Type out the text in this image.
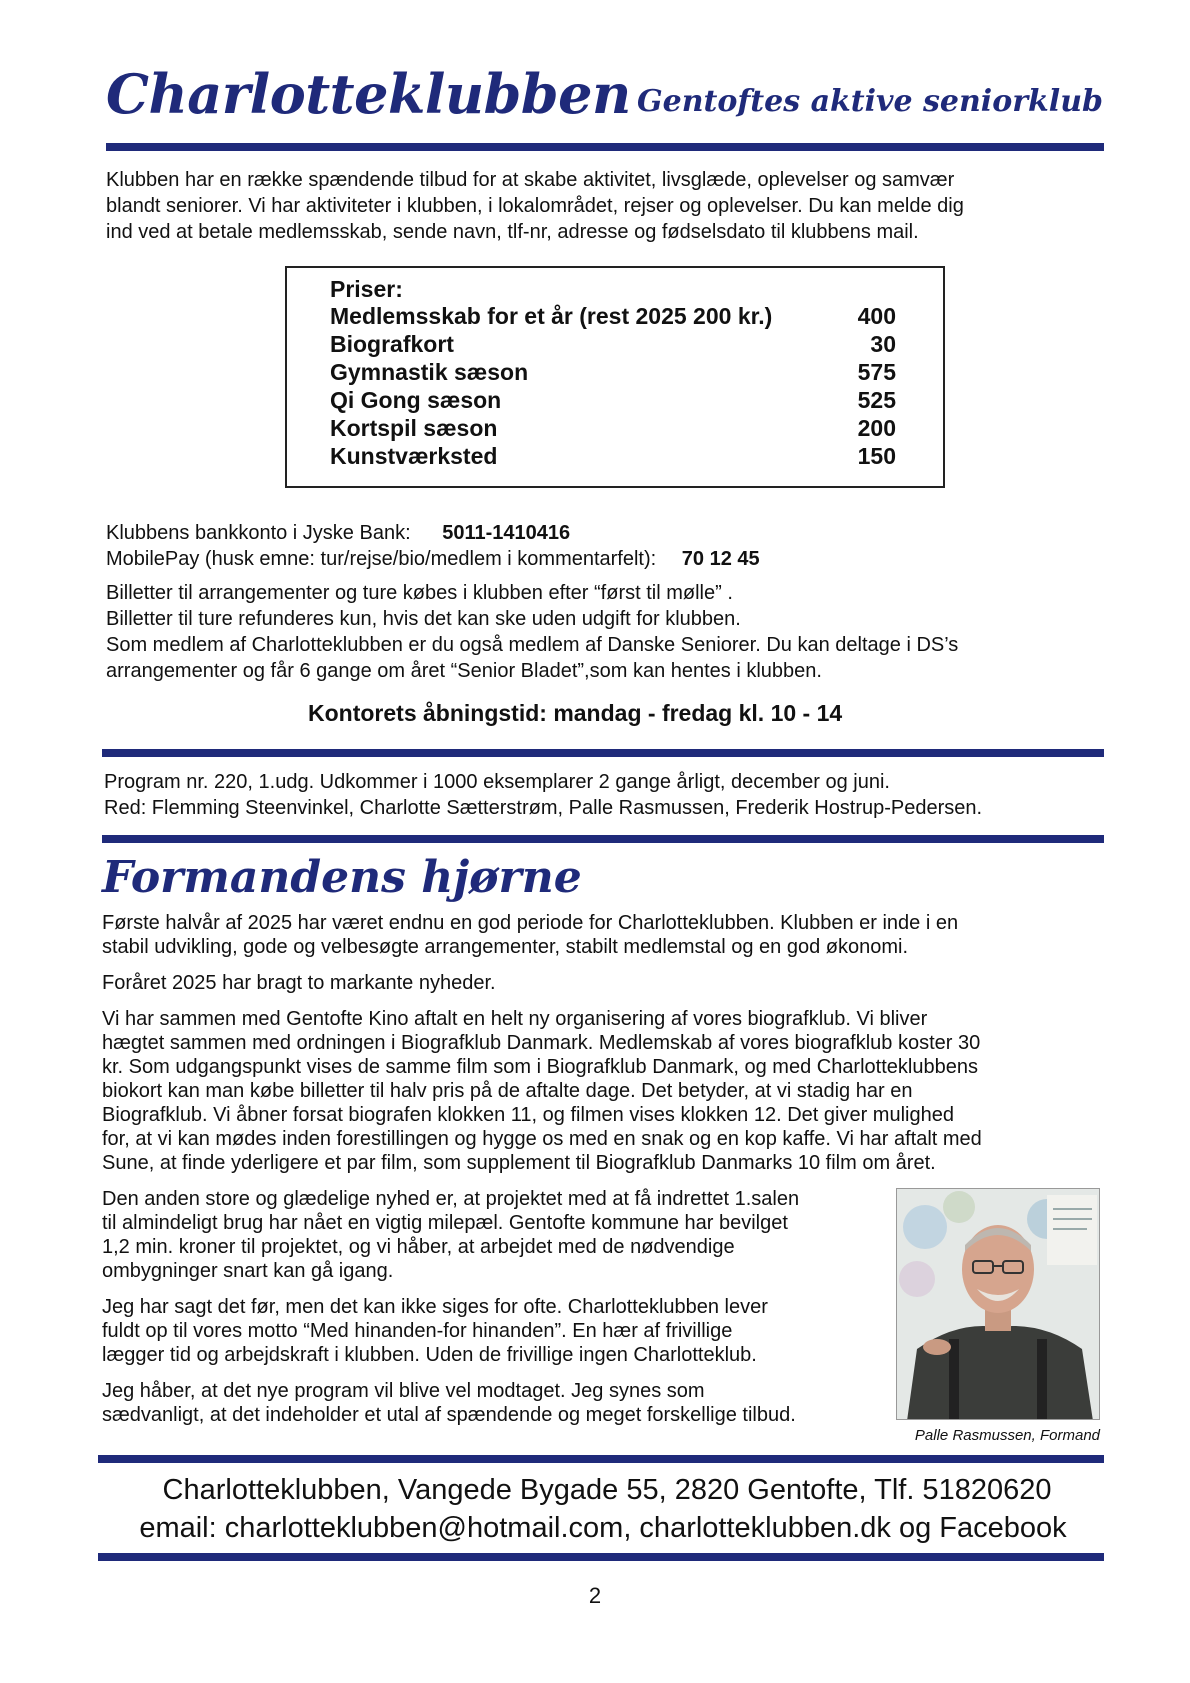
Charlotteklubben Gentoftes aktive seniorklub
Klubben har en række spændende tilbud for at skabe aktivitet, livsglæde, oplevelser og samvær
blandt seniorer. Vi har aktiviteter i klubben, i lokalområdet, rejser og oplevelser. Du kan melde dig
ind ved at betale medlemsskab, sende navn, tlf-nr, adresse og fødselsdato til klubbens mail.
Priser:
Medlemsskab for et år (rest 2025 200 kr.)	400
Biografkort	30
Gymnastik sæson	575
Qi Gong sæson	525
Kortspil sæson	200
Kunstværksted	150
Klubbens bankkonto i Jyske Bank: 5011-1410416
MobilePay (husk emne: tur/rejse/bio/medlem i kommentarfelt): 70 12 45
Billetter til arrangementer og ture købes i klubben efter “først til mølle” .
Billetter til ture refunderes kun, hvis det kan ske uden udgift for klubben.
Som medlem af Charlotteklubben er du også medlem af Danske Seniorer. Du kan deltage i DS’s
arrangementer og får 6 gange om året “Senior Bladet”,som kan hentes i klubben.
Kontorets åbningstid: mandag - fredag kl. 10 - 14
Program nr. 220, 1.udg. Udkommer i 1000 eksemplarer 2 gange årligt, december og juni.
Red: Flemming Steenvinkel, Charlotte Sætterstrøm, Palle Rasmussen, Frederik Hostrup-Pedersen.
Formandens hjørne
Første halvår af 2025 har været endnu en god periode for Charlotteklubben. Klubben er inde i en
stabil udvikling, gode og velbesøgte arrangementer, stabilt medlemstal og en god økonomi.
Foråret 2025 har bragt to markante nyheder.
Vi har sammen med Gentofte Kino aftalt en helt ny organisering af vores biografklub. Vi bliver
hægtet sammen med ordningen i Biografklub Danmark. Medlemskab af vores biografklub koster 30
kr. Som udgangspunkt vises de samme film som i Biografklub Danmark, og med Charlotteklubbens
biokort kan man købe billetter til halv pris på de aftalte dage. Det betyder, at vi stadig har en
Biografklub. Vi åbner forsat biografen klokken 11, og filmen vises klokken 12. Det giver mulighed
for, at vi kan mødes inden forestillingen og hygge os med en snak og en kop kaffe. Vi har aftalt med
Sune, at finde yderligere et par film, som supplement til Biografklub Danmarks 10 film om året.
Den anden store og glædelige nyhed er, at projektet med at få indrettet 1.salen
til almindeligt brug har nået en vigtig milepæl. Gentofte kommune har bevilget
1,2 min. kroner til projektet, og vi håber, at arbejdet med de nødvendige
ombygninger snart kan gå igang.
Jeg har sagt det før, men det kan ikke siges for ofte. Charlotteklubben lever
fuldt op til vores motto “Med hinanden-for hinanden”. En hær af frivillige
lægger tid og arbejdskraft i klubben. Uden de frivillige ingen Charlotteklub.
Jeg håber, at det nye program vil blive vel modtaget. Jeg synes som
sædvanligt, at det indeholder et utal af spændende og meget forskellige tilbud.
Palle Rasmussen, Formand
Charlotteklubben, Vangede Bygade 55, 2820 Gentofte, Tlf. 51820620
email: charlotteklubben@hotmail.com, charlotteklubben.dk og Facebook
2
